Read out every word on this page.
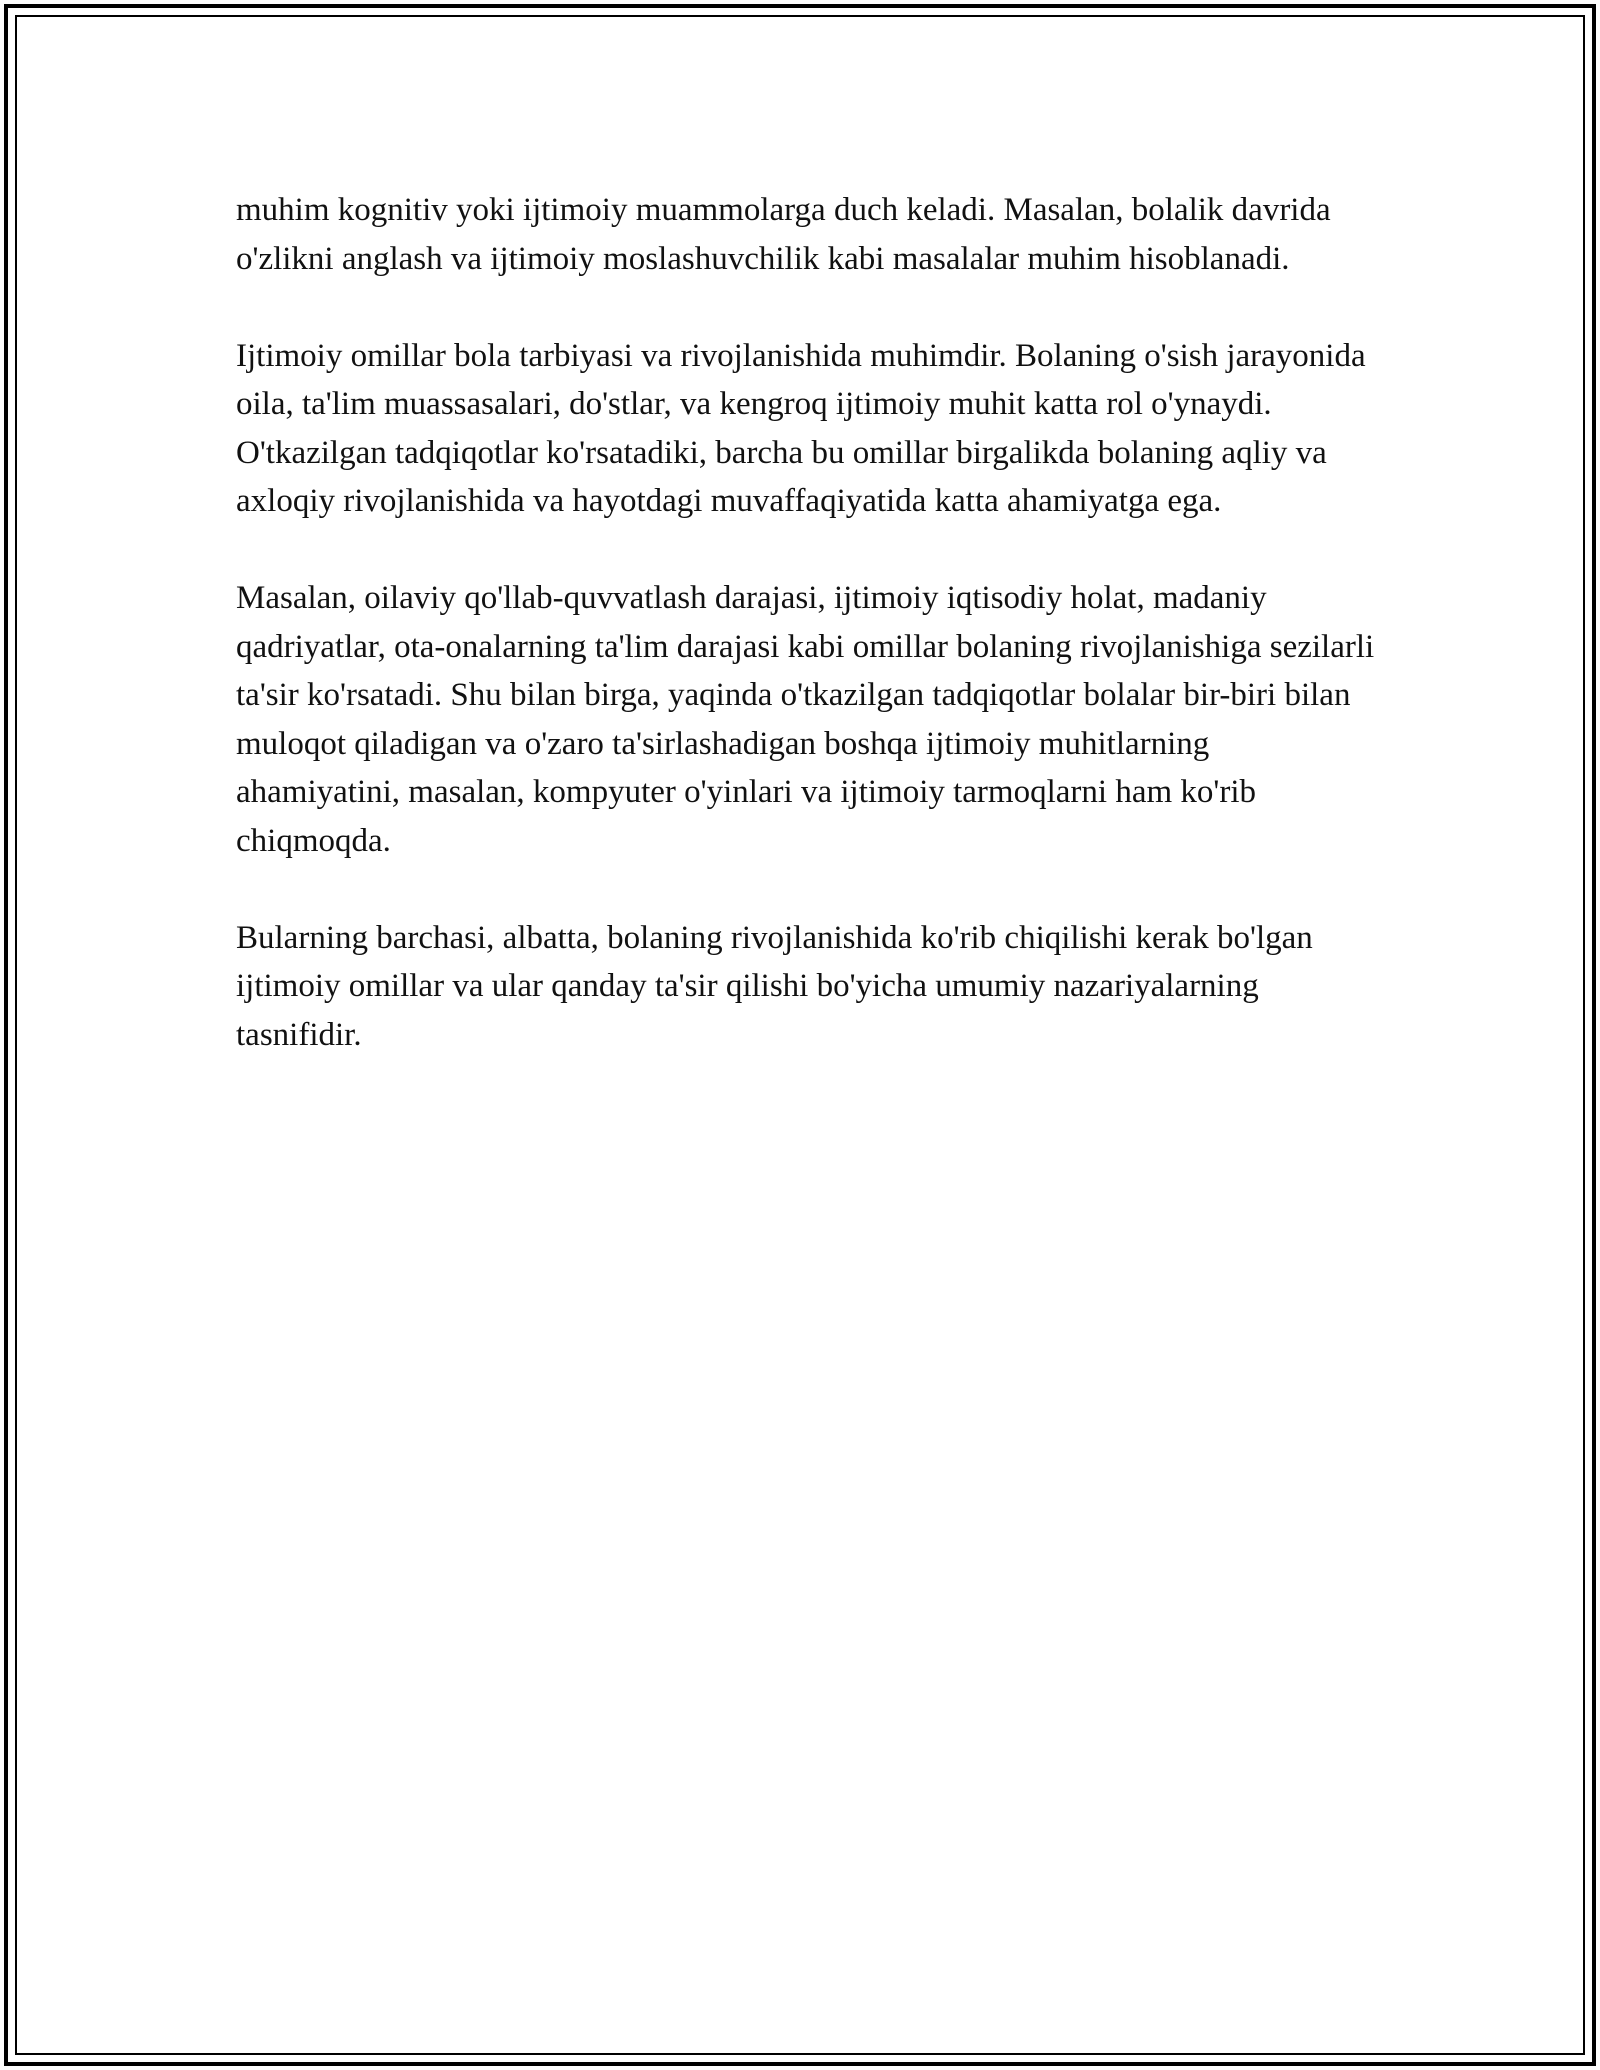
muhim kognitiv yoki ijtimoiy muammolarga duch keladi. Masalan, bolalik davrida o'zlikni anglash va ijtimoiy moslashuvchilik kabi masalalar muhim hisoblanadi.

Ijtimoiy omillar bola tarbiyasi va rivojlanishida muhimdir. Bolaning o'sish jarayonida oila, ta'lim muassasalari, do'stlar, va kengroq ijtimoiy muhit katta rol o'ynaydi. O'tkazilgan tadqiqotlar ko'rsatadiki, barcha bu omillar birgalikda bolaning aqliy va axloqiy rivojlanishida va hayotdagi muvaffaqiyatida katta ahamiyatga ega.

Masalan, oilaviy qo'llab-quvvatlash darajasi, ijtimoiy iqtisodiy holat, madaniy qadriyatlar, ota-onalarning ta'lim darajasi kabi omillar bolaning rivojlanishiga sezilarli ta'sir ko'rsatadi. Shu bilan birga, yaqinda o'tkazilgan tadqiqotlar bolalar bir-biri bilan muloqot qiladigan va o'zaro ta'sirlashadigan boshqa ijtimoiy muhitlarning ahamiyatini, masalan, kompyuter o'yinlari va ijtimoiy tarmoqlarni ham ko'rib chiqmoqda.

Bularning barchasi, albatta, bolaning rivojlanishida ko'rib chiqilishi kerak bo'lgan ijtimoiy omillar va ular qanday ta'sir qilishi bo'yicha umumiy nazariyalarning tasnifidir.
